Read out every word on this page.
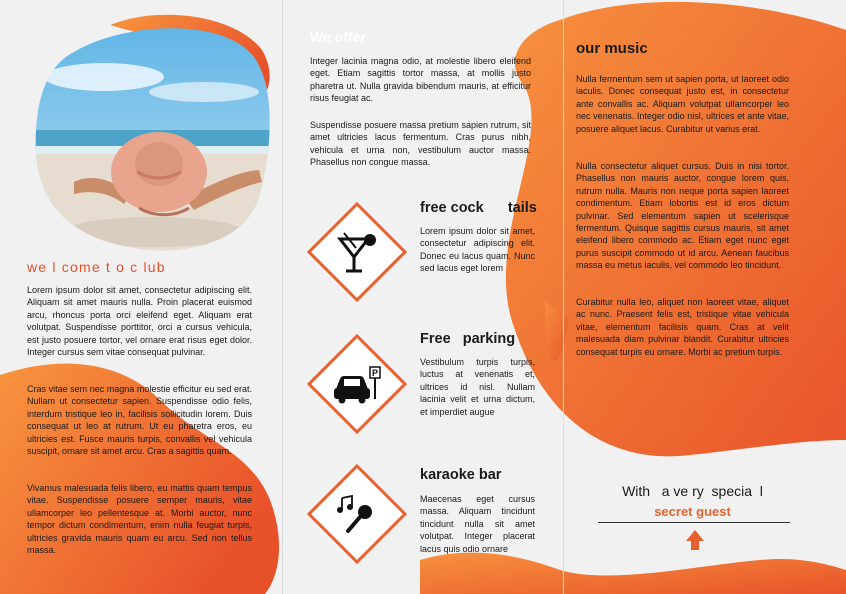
we l come t o c lub

Lorem ipsum dolor sit amet, consectetur adipiscing elit. Aliquam sit amet mauris nulla. Proin placerat euismod arcu, rhoncus porta orci eleifend eget. Aliquam erat volutpat. Suspendisse porttitor, orci a cursus vehicula, est justo posuere tortor, vel ornare erat risus eget dolor. Integer cursus sem vitae consequat pulvinar.

Cras vitae sem nec magna molestie efficitur eu sed erat. Nullam ut consectetur sapien. Suspendisse odio felis, interdum tristique leo in, facilisis sollicitudin lorem. Duis consequat ut leo at rutrum. Ut eu pharetra eros, eu ultricies est. Fusce mauris turpis, convallis vel vehicula suscipit, ornare sit amet arcu. Cras a sagittis quam.

Vivamus malesuada felis libero, eu mattis quam tempus vitae. Suspendisse posuere semper mauris, vitae ullamcorper leo pellentesque at. Morbi auctor, nunc tempor dictum condimentum, enim nulla feugiat turpis, ultricies gravida mauris quam eu arcu. Sed non tellus massa.

We offer

Integer lacinia magna odio, at molestie libero eleifend eget. Etiam sagittis tortor massa, at mollis justo pharetra ut. Nulla gravida bibendum mauris, at efficitur risus feugiat ac.

Suspendisse posuere massa pretium sapien rutrum, sit amet ultricies lacus fermentum. Cras purus nibh, vehicula et urna non, vestibulum auctor massa. Phasellus non congue massa.

free cock      tails

Lorem ipsum dolor sit amet, consectetur adipiscing elit. Donec eu lacus quam. Nunc sed lacus eget lorem

P
Free   parking

Vestibulum turpis turpis, luctus at venenatis et, ultrices id nisl. Nullam lacinia velit et urna dictum, et imperdiet augue

karaoke bar

Maecenas eget cursus massa. Aliquam tincidunt tincidunt nulla sit amet volutpat. Integer placerat lacus quis odio ornare

our music

Nulla fermentum sem ut sapien porta, ut laoreet odio iaculis. Donec consequat justo est, in consectetur ante convallis ac. Aliquam volutpat ullamcorper leo nec venenatis. Integer odio nisl, ultrices et ante vitae, posuere aliquet lacus. Curabitur ut varius erat.

Nulla consectetur aliquet cursus. Duis in nisi tortor. Phasellus non mauris auctor, congue lorem quis, rutrum nulla. Mauris non neque porta sapien laoreet condimentum. Etiam lobortis est id eros dictum pulvinar. Sed elementum sapien ut scelerisque fermentum. Quisque sagittis cursus mauris, sit amet eleifend libero commodo ac. Etiam eget nunc eget purus suscipit commodo ut id arcu. Aenean faucibus massa eu metus iaculis, vel commodo leo tincidunt.

Curabitur nulla leo, aliquet non laoreet vitae, aliquet ac nunc. Praesent felis est, tristique vitae vehicula vitae, elementum facilisis quam. Cras at velit malesuada diam pulvinar blandit. Curabitur ultricies consequat turpis eu ornare. Morbi ac pretium turpis.

With   a ve ry  specia  l
secret guest
